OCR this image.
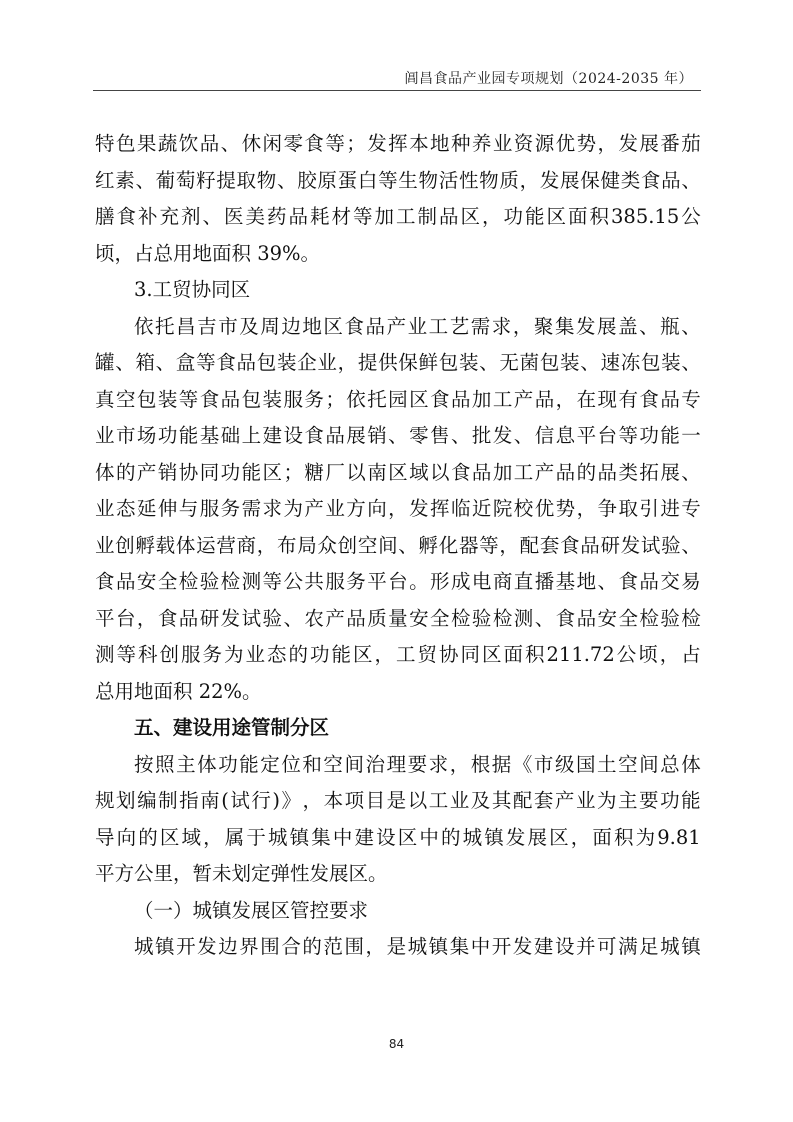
阊昌食品产业园专项规划（2024-2035 年）
特 色 果 蔬 饮 品 、 休 闲 零 食 等 ； 发 挥 本 地 种 养 业 资 源 优 势 ， 发 展 番 茄
红 素 、 葡 萄 籽 提 取 物 、 胶 原 蛋 白 等 生 物 活 性 物 质 ， 发 展 保 健 类 食 品 、
膳 食 补 充 剂 、 医 美 药 品 耗 材 等 加 工 制 品 区 ， 功 能 区 面 积 385.15 公
顷，占总用地面积 39%。
3.工贸协同区
依 托 昌 吉 市 及 周 边 地 区 食 品 产 业 工 艺 需 求 ， 聚 集 发 展 盖 、 瓶 、
罐 、 箱 、 盒 等 食 品 包 装 企 业 ， 提 供 保 鲜 包 装 、 无 菌 包 装 、 速 冻 包 装 、
真 空 包 装 等 食 品 包 装 服 务 ； 依 托 园 区 食 品 加 工 产 品 ， 在 现 有 食 品 专
业 市 场 功 能 基 础 上 建 设 食 品 展 销 、 零 售 、 批 发 、 信 息 平 台 等 功 能 一
体 的 产 销 协 同 功 能 区 ； 糖 厂 以 南 区 域 以 食 品 加 工 产 品 的 品 类 拓 展 、
业 态 延 伸 与 服 务 需 求 为 产 业 方 向 ， 发 挥 临 近 院 校 优 势 ， 争 取 引 进 专
业 创 孵 载 体 运 营 商 ， 布 局 众 创 空 间 、 孵 化 器 等 ， 配 套 食 品 研 发 试 验 、
食 品 安 全 检 验 检 测 等 公 共 服 务 平 台 。 形 成 电 商 直 播 基 地 、 食 品 交 易
平 台 ， 食 品 研 发 试 验 、 农 产 品 质 量 安 全 检 验 检 测 、 食 品 安 全 检 验 检
测 等 科 创 服 务 为 业 态 的 功 能 区 ， 工 贸 协 同 区 面 积 211.72 公 顷 ， 占
总用地面积 22%。
五、建设用途管制分区
按 照 主 体 功 能 定 位 和 空 间 治 理 要 求 ， 根 据 《 市 级 国 土 空 间 总 体
规 划 编 制 指 南 ( 试 行 ) 》 ， 本 项 目 是 以 工 业 及 其 配 套 产 业 为 主 要 功 能
导 向 的 区 域 ， 属 于 城 镇 集 中 建 设 区 中 的 城 镇 发 展 区 ， 面 积 为 9.81
平方公里，暂未划定弹性发展区。
（一）城镇发展区管控要求
城 镇 开 发 边 界 围 合 的 范 围 ， 是 城 镇 集 中 开 发 建 设 并 可 满 足 城 镇
84
